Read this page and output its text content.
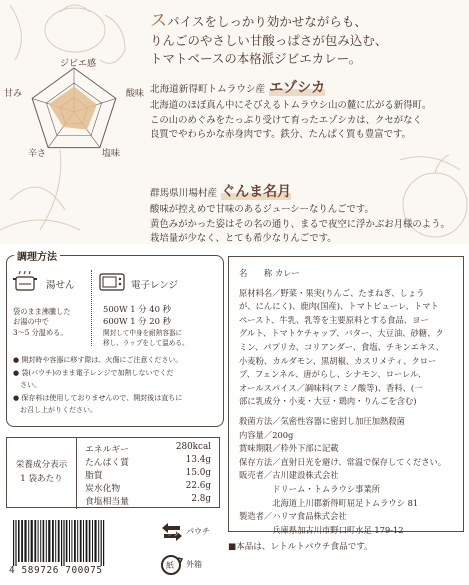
スパイスをしっかり効かせながらも、
りんごのやさしい甘酸っぱさが包み込む、
トマトベースの本格派ジビエカレー。
ジビエ感
甘み	酸味
辛さ	塩味
北海道新得町トムラウシ産 エゾシカ
北海道のほぼ真ん中にそびえるトムラウシ山の麓に広がる新得町。
この山のめぐみをたっぷり受けて育ったエゾシカは、クセがなく
良質でやわらかな赤身肉です。鉄分、たんぱく質も豊富です。
群馬県川場村産 ぐんま名月
酸味が控えめで甘味のあるジューシーなりんごです。
黄色みがかった姿はその名の通り、まるで夜空に浮かぶお月様のよう。
栽培量が少なく、とても希少なりんごです。
調理方法
湯せん
袋のまま沸騰した
お湯の中で
3～5 分温める。
電子レンジ
500W 1 分 40 秒
600W 1 分 20 秒
開封して中身を耐熱容器に
移し、ラップをして温める。
● 開封時や容器に移す際は、火傷にご注意ください。
● 袋(パウチ)のまま電子レンジで加熱しないでくだ
　さい。
● 保存料は使用しておりませんので、開封後は直ちに
　お召し上がりください。
栄養成分表示
1 袋あたり
エネルギー	280kcal
たんぱく質	13.4g
脂質	15.0g
炭水化物	22.6g
食塩相当量	2.8g
プラ パウチ
紙 外箱
4 589726 700075
名　　称 カレー

原材料名／野菜・果実(りんご、たまねぎ、しょう
が、にんにく)、鹿肉(国産)、トマトピューレ、トマト
ペースト、牛乳、乳等を主要原料とする食品、ヨー
グルト、トマトケチャップ、バター、大豆油、砂糖、ク
ミン、パプリカ、コリアンダー、食塩、チキンエキス、
小麦粉、カルダモン、黒胡椒、カスリメティ、クロー
ブ、フェンネル、唐がらし、シナモン、ローレル、
オールスパイス／調味料(アミノ酸等)、香料、(一
部に乳成分・小麦・大豆・鶏肉・りんごを含む)

殺菌方法／気密性容器に密封し加圧加熱殺菌
内容量／200g
賞味期限／枠外下部に記載
保存方法／直射日光を避け、常温で保存してください。
販売者／古川建設株式会社
　　　　ドリーム・トムラウシ事業所
　　　　北海道上川郡新得町屈足トムラウシ 81
製造者／ハリマ食品株式会社
　　　　兵庫県加古川市野口町水足 179-12
■本品は、レトルトパウチ食品です。
